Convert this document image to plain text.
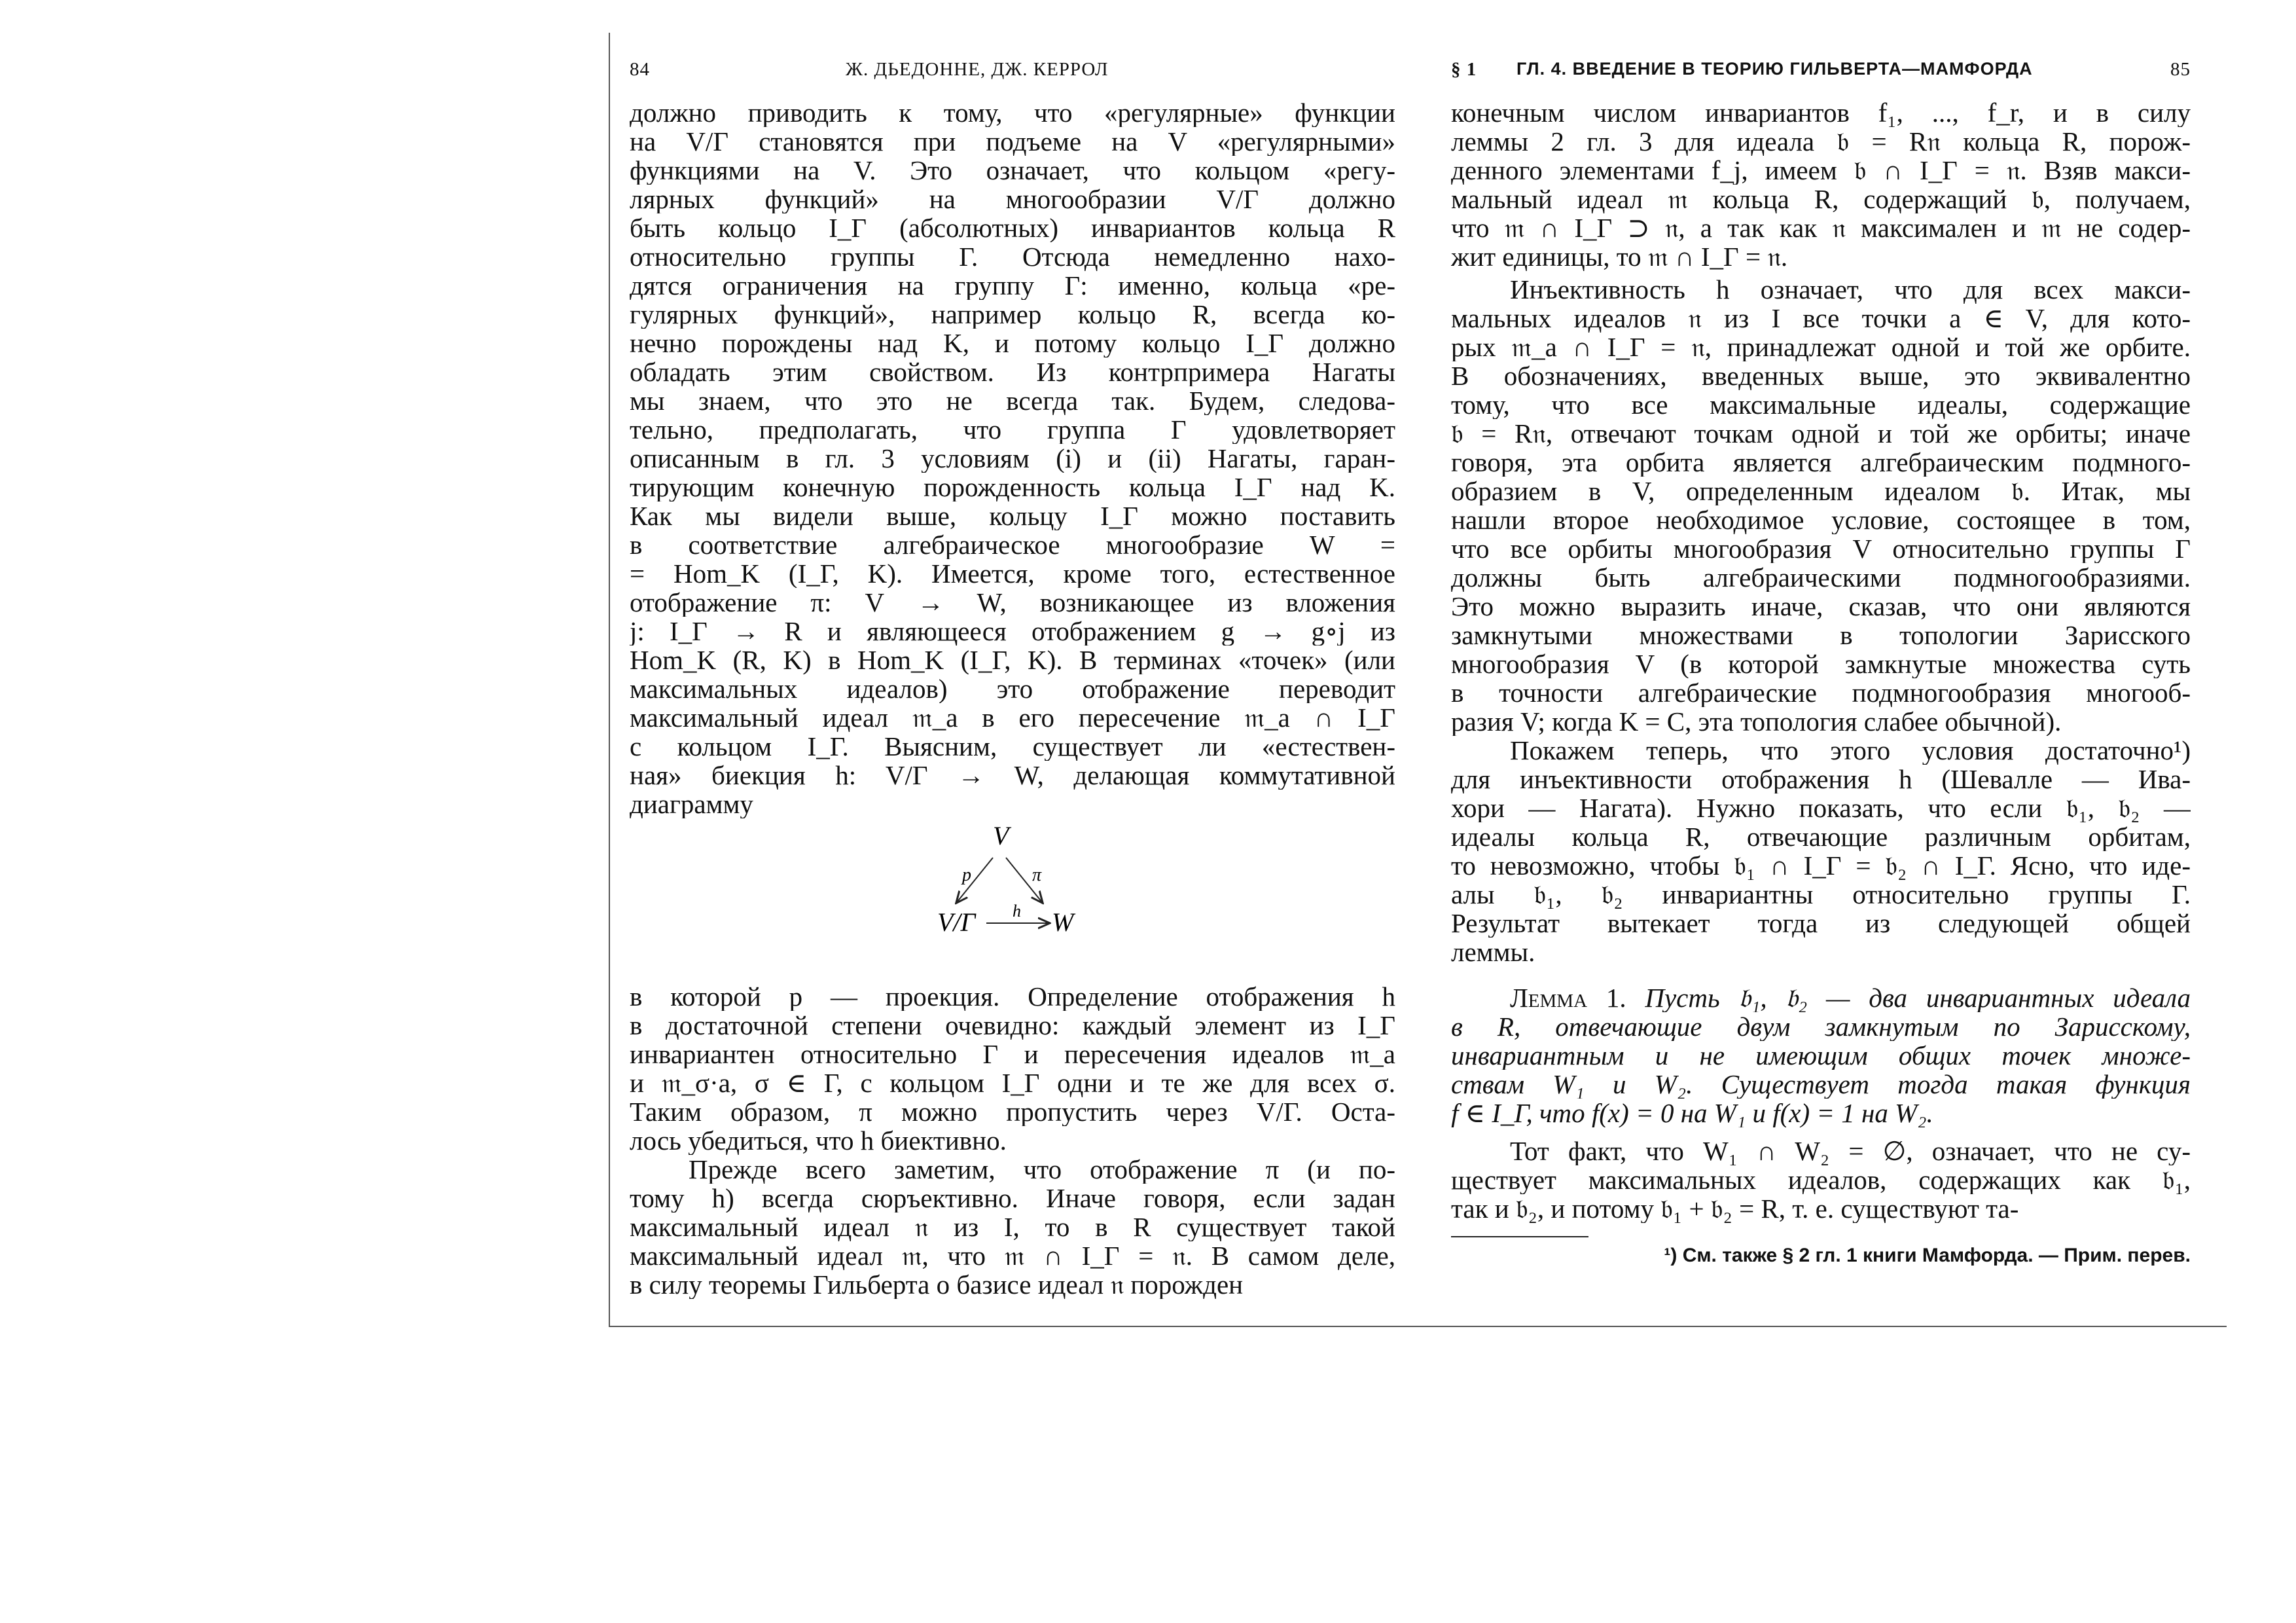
84	Ж. ДЬЕДОННЕ, ДЖ. КЕРРОЛ
должно приводить к тому, что «регулярные» функции
на V/Γ становятся при подъеме на V «регулярными»
функциями на V. Это означает, что кольцом «регу-
лярных функций» на многообразии V/Γ должно
быть кольцо I_Γ (абсолютных) инвариантов кольца R
относительно группы Γ. Отсюда немедленно нахо-
дятся ограничения на группу Γ: именно, кольца «ре-
гулярных функций», например кольцо R, всегда ко-
нечно порождены над K, и потому кольцо I_Γ должно
обладать этим свойством. Из контрпримера Нагаты
мы знаем, что это не всегда так. Будем, следова-
тельно, предполагать, что группа Γ удовлетворяет
описанным в гл. 3 условиям (i) и (ii) Нагаты, гаран-
тирующим конечную порожденность кольца I_Γ над K.
Как мы видели выше, кольцу I_Γ можно поставить
в соответствие алгебраическое многообразие W =
= Hom_K (I_Γ, K). Имеется, кроме того, естественное
отображение π: V → W, возникающее из вложения
j: I_Γ → R и являющееся отображением g → g∘j из
Hom_K (R, K) в Hom_K (I_Γ, K). В терминах «точек» (или
максимальных идеалов) это отображение переводит
максимальный идеал 𝔪_a в его пересечение 𝔪_a ∩ I_Γ
с кольцом I_Γ. Выясним, существует ли «естествен-
ная» биекция h: V/Γ → W, делающая коммутативной
диаграмму
V
V/Γ	W
p	π
h
в которой p — проекция. Определение отображения h
в достаточной степени очевидно: каждый элемент из I_Γ
инвариантен относительно Γ и пересечения идеалов 𝔪_a
и 𝔪_σ·a, σ ∈ Γ, с кольцом I_Γ одни и те же для всех σ.
Таким образом, π можно пропустить через V/Γ. Оста-
лось убедиться, что h биективно.
Прежде всего заметим, что отображение π (и по-
тому h) всегда сюръективно. Иначе говоря, если задан
максимальный идеал 𝔫 из I, то в R существует такой
максимальный идеал 𝔪, что 𝔪 ∩ I_Γ = 𝔫. В самом деле,
в силу теоремы Гильберта о базисе идеал 𝔫 порожден
§ 1 ГЛ. 4. ВВЕДЕНИЕ В ТЕОРИЮ ГИЛЬВЕРТА—МАМФОРДА	85
конечным числом инвариантов f₁, ..., f_r, и в силу
леммы 2 гл. 3 для идеала 𝔟 = R𝔫 кольца R, порож-
денного элементами f_j, имеем 𝔟 ∩ I_Γ = 𝔫. Взяв макси-
мальный идеал 𝔪 кольца R, содержащий 𝔟, получаем,
что 𝔪 ∩ I_Γ ⊃ 𝔫, а так как 𝔫 максимален и 𝔪 не содер-
жит единицы, то 𝔪 ∩ I_Γ = 𝔫.
Инъективность h означает, что для всех макси-
мальных идеалов 𝔫 из I все точки a ∈ V, для кото-
рых 𝔪_a ∩ I_Γ = 𝔫, принадлежат одной и той же орбите.
В обозначениях, введенных выше, это эквивалентно
тому, что все максимальные идеалы, содержащие
𝔟 = R𝔫, отвечают точкам одной и той же орбиты; иначе
говоря, эта орбита является алгебраическим подмного-
образием в V, определенным идеалом 𝔟. Итак, мы
нашли второе необходимое условие, состоящее в том,
что все орбиты многообразия V относительно группы Γ
должны быть алгебраическими подмногообразиями.
Это можно выразить иначе, сказав, что они являются
замкнутыми множествами в топологии Зарисского
многообразия V (в которой замкнутые множества суть
в точности алгебраические подмногообразия многооб-
разия V; когда K = C, эта топология слабее обычной).
Покажем теперь, что этого условия достаточно¹)
для инъективности отображения h (Шевалле — Ива-
хори — Нагата). Нужно показать, что если 𝔟₁, 𝔟₂ —
идеалы кольца R, отвечающие различным орбитам,
то невозможно, чтобы 𝔟₁ ∩ I_Γ = 𝔟₂ ∩ I_Γ. Ясно, что иде-
алы 𝔟₁, 𝔟₂ инвариантны относительно группы Γ.
Результат вытекает тогда из следующей общей
леммы.
Лемма 1. Пусть 𝔟₁, 𝔟₂ — два инвариантных идеала
в R, отвечающие двум замкнутым по Зарисскому,
инвариантным и не имеющим общих точек множе-
ствам W₁ и W₂. Существует тогда такая функция
f ∈ I_Γ, что f(x) = 0 на W₁ и f(x) = 1 на W₂.
Тот факт, что W₁ ∩ W₂ = ∅, означает, что не су-
ществует максимальных идеалов, содержащих как 𝔟₁,
так и 𝔟₂, и потому 𝔟₁ + 𝔟₂ = R, т. е. существуют та-
¹) См. также § 2 гл. 1 книги Мамфорда. — Прим. перев.
